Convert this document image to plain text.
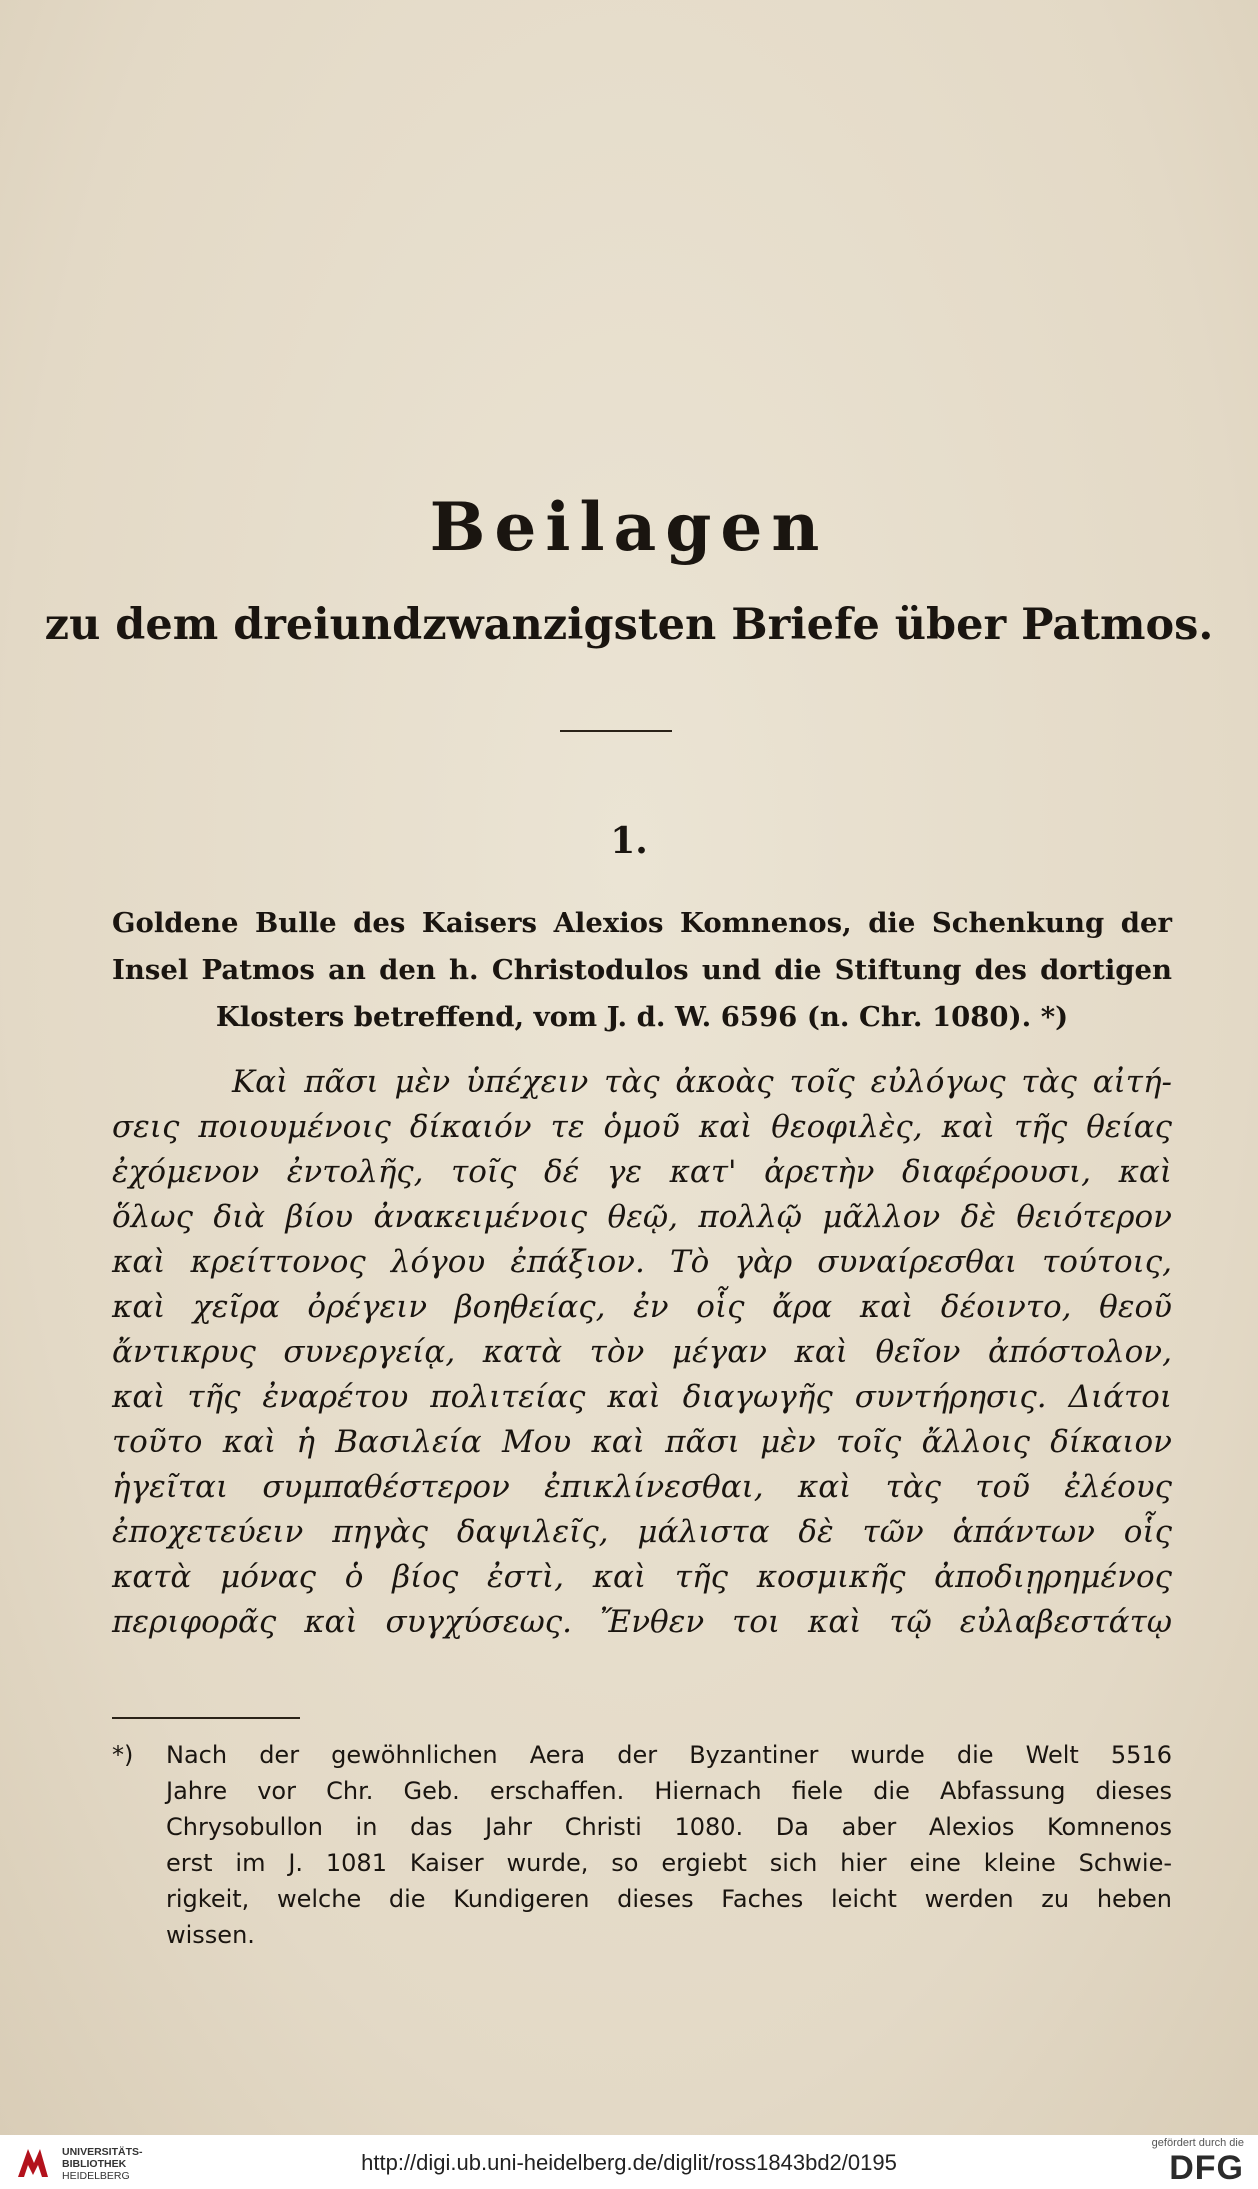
Beilagen
zu dem dreiundzwanzigsten Briefe über Patmos.
1.
Goldene Bulle des Kaisers Alexios Komnenos, die Schenkung der
Insel Patmos an den h. Christodulos und die Stiftung des dortigen
Klosters betreffend, vom J. d. W. 6596 (n. Chr. 1080). *)
Καὶ πᾶσι μὲν ὑπέχειν τὰς ἀκοὰς τοῖς εὐλόγως τὰς αἰτή-
σεις ποιουμένοις δίκαιόν τε ὁμοῦ καὶ θεοφιλὲς, καὶ τῆς θείας
ἐχόμενον ἐντολῆς, τοῖς δέ γε κατ' ἀρετὴν διαφέρουσι, καὶ
ὅλως διὰ βίου ἀνακειμένοις θεῷ, πολλῷ μᾶλλον δὲ θειότερον
καὶ κρείττονος λόγου ἐπάξιον. Τὸ γὰρ συναίρεσθαι τούτοις,
καὶ χεῖρα ὀρέγειν βοηθείας, ἐν οἷς ἄρα καὶ δέοιντο, θεοῦ
ἄντικρυς συνεργείᾳ, κατὰ τὸν μέγαν καὶ θεῖον ἀπόστολον,
καὶ τῆς ἐναρέτου πολιτείας καὶ διαγωγῆς συντήρησις. Διάτοι
τοῦτο καὶ ἡ Βασιλεία Μου καὶ πᾶσι μὲν τοῖς ἄλλοις δίκαιον
ἡγεῖται συμπαθέστερον ἐπικλίνεσθαι, καὶ τὰς τοῦ ἐλέους
ἐποχετεύειν πηγὰς δαψιλεῖς, μάλιστα δὲ τῶν ἁπάντων οἷς
κατὰ μόνας ὁ βίος ἐστὶ, καὶ τῆς κοσμικῆς ἀποδιῃρημένος
περιφορᾶς καὶ συγχύσεως. Ἔνθεν τοι καὶ τῷ εὐλαβεστάτῳ
*)	Nach der gewöhnlichen Aera der Byzantiner wurde die Welt 5516
Jahre vor Chr. Geb. erschaffen. Hiernach fiele die Abfassung dieses
Chrysobullon in das Jahr Christi 1080. Da aber Alexios Komnenos
erst im J. 1081 Kaiser wurde, so ergiebt sich hier eine kleine Schwie-
rigkeit, welche die Kundigeren dieses Faches leicht werden zu heben
wissen.
UNIVERSITÄTS-
BIBLIOTHEK
HEIDELBERG
http://digi.ub.uni-heidelberg.de/diglit/ross1843bd2/0195
gefördert durch die
DFG
